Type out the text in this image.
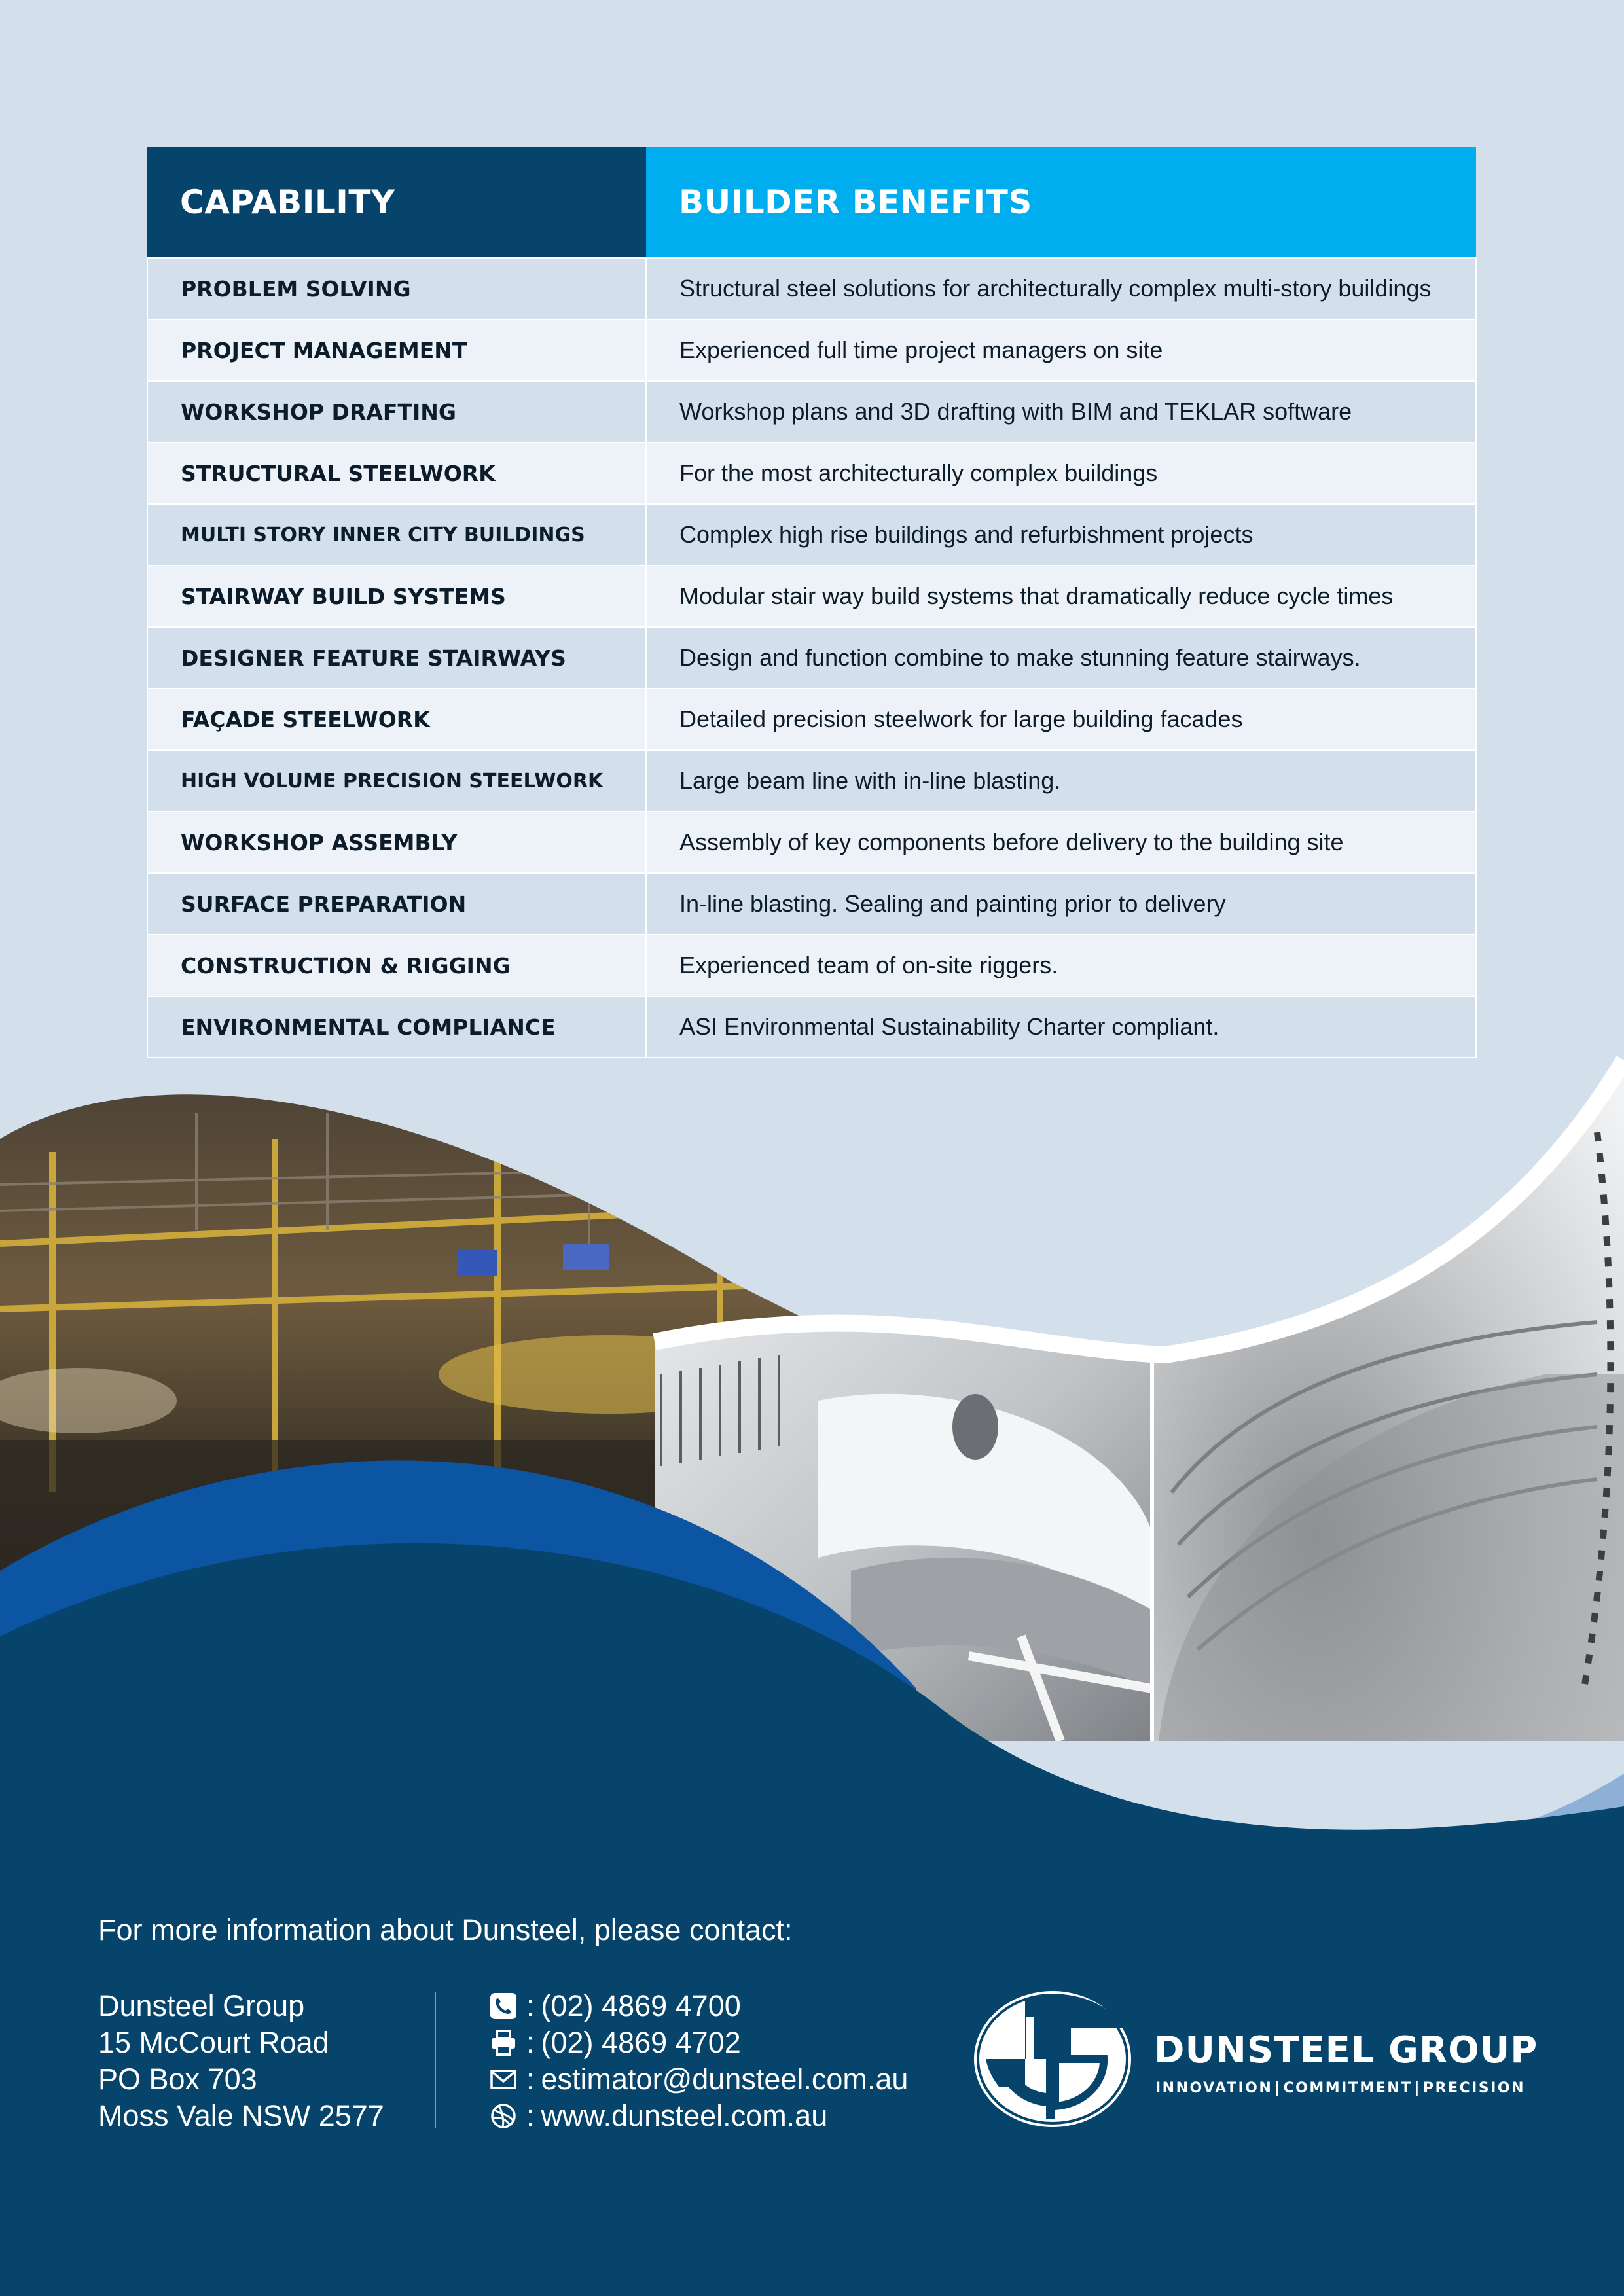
CAPABILITY	BUILDER BENEFITS
PROBLEM SOLVING	Structural steel solutions for architecturally complex multi-story buildings
PROJECT MANAGEMENT	Experienced full time project managers on site
WORKSHOP DRAFTING	Workshop plans and 3D drafting with BIM and TEKLAR software
STRUCTURAL STEELWORK	For the most architecturally complex buildings
MULTI STORY INNER CITY BUILDINGS	Complex high rise buildings and refurbishment projects
STAIRWAY BUILD SYSTEMS	Modular stair way build systems that dramatically reduce cycle times
DESIGNER FEATURE STAIRWAYS	Design and function combine to make stunning feature stairways.
FAÇADE STEELWORK	Detailed precision steelwork for large building facades
HIGH VOLUME PRECISION STEELWORK	Large beam line with in-line blasting.
WORKSHOP ASSEMBLY	Assembly of key components before delivery to the building site
SURFACE PREPARATION	In-line blasting. Sealing and painting prior to delivery
CONSTRUCTION & RIGGING	Experienced team of on-site riggers.
ENVIRONMENTAL COMPLIANCE	ASI Environmental Sustainability Charter compliant.
For more information about Dunsteel, please contact:
Dunsteel Group
15 McCourt Road
PO Box 703
Moss Vale NSW 2577
: (02) 4869 4700
: (02) 4869 4702
: estimator@dunsteel.com.au
: www.dunsteel.com.au
DUNSTEEL GROUP
INNOVATION | COMMITMENT | PRECISION
